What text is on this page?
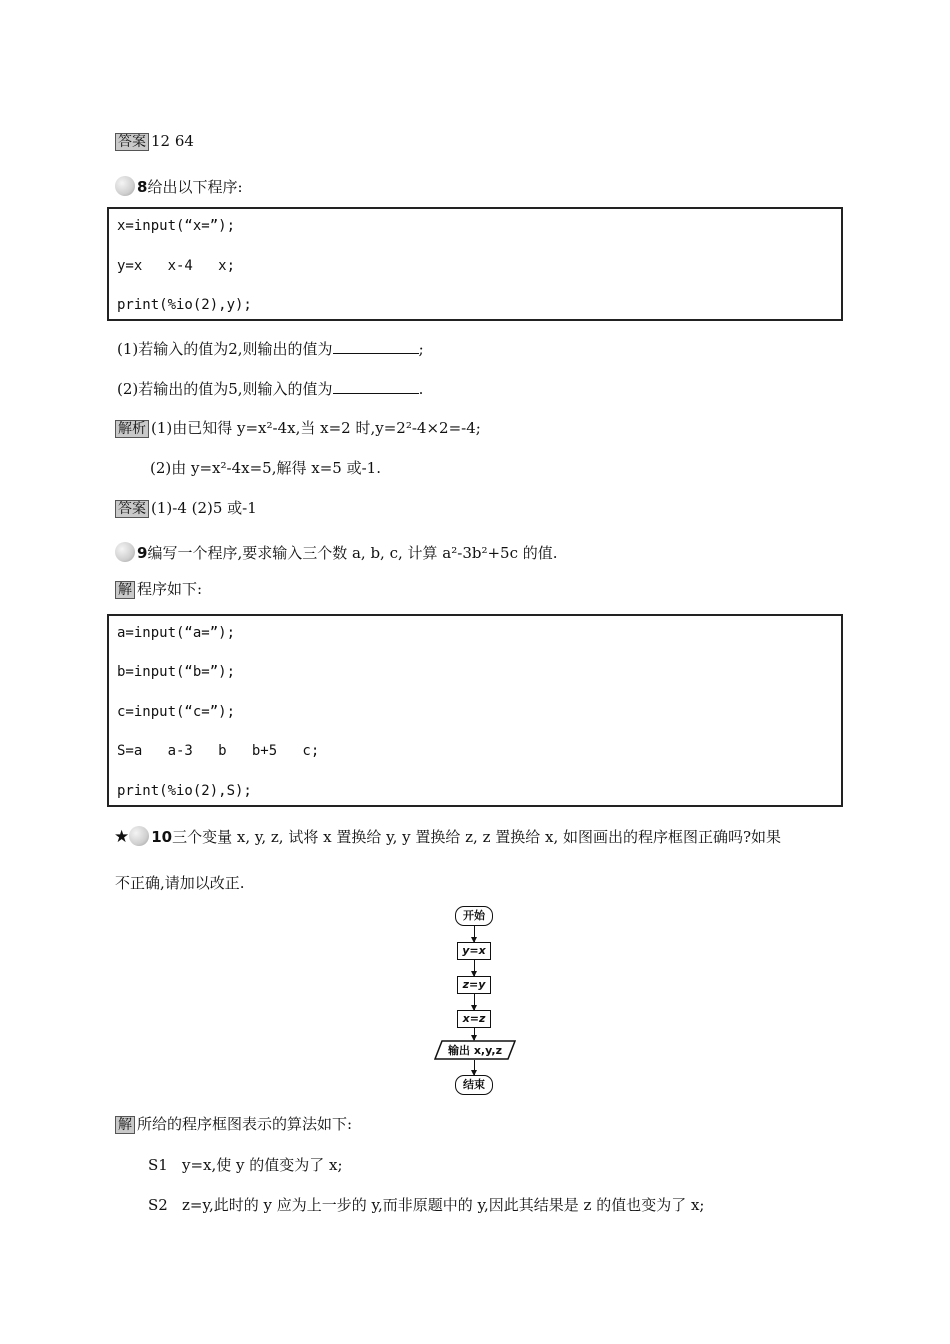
答案 12 64
8给出以下程序:
x=input(“x=”);
y=x   x-4   x;
print(%io(2),y);
(1)若输入的值为2,则输出的值为	;
(2)若输出的值为5,则输入的值为	.
解析 (1)由已知得 y=x²-4x,当 x=2 时,y=2²-4×2=-4;
(2)由 y=x²-4x=5,解得 x=5 或-1.
答案 (1)-4 (2)5 或-1
9编写一个程序,要求输入三个数 a, b, c, 计算 a²-3b²+5c 的值.
解 程序如下:
a=input(“a=”);
b=input(“b=”);
c=input(“c=”);
S=a   a-3   b   b+5   c;
print(%io(2),S);
★ 10三个变量 x, y, z, 试将 x 置换给 y, y 置换给 z, z 置换给 x, 如图画出的程序框图正确吗?如果
不正确,请加以改正.
开始
y=x
z=y
x=z
输出 x,y,z
结束
解 所给的程序框图表示的算法如下:
S1 y=x,使 y 的值变为了 x;
S2 z=y,此时的 y 应为上一步的 y,而非原题中的 y,因此其结果是 z 的值也变为了 x;
